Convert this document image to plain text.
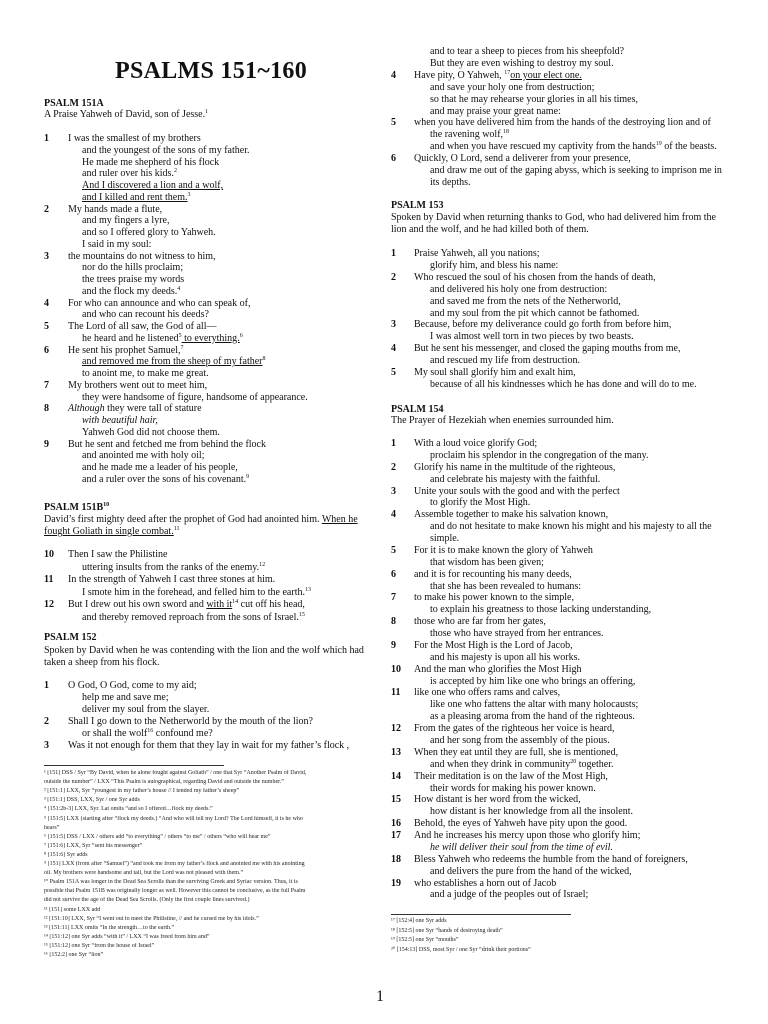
PSALMS 151~160
PSALM 151A
A Praise Yahweh of David, son of Jesse.$^1$
1 I was the smallest of my brothers
and the youngest of the sons of my father.
He made me shepherd of his flock
and ruler over his kids.$^2$
And I discovered a lion and a wolf,
and I killed and rent them.$^3$
2 My hands made a flute,
and my fingers a lyre,
and so I offered glory to Yahweh.
I said in my soul:
3 the mountains do not witness to him,
nor do the hills proclaim;
the trees praise my words
and the flock my deeds.$^4$
4 For who can announce and who can speak of,
and who can recount his deeds?
5 The Lord of all saw, the God of all—
he heard and he listened$^5$ to everything.$^6$
6 He sent his prophet Samuel,$^7$
and removed me from the sheep of my father$^8$
to anoint me, to make me great.
7 My brothers went out to meet him,
they were handsome of figure, handsome of appearance.
8 Although they were tall of stature
with beautiful hair,
Yahweh God did not choose them.
9 But he sent and fetched me from behind the flock
and anointed me with holy oil;
and he made me a leader of his people,
and a ruler over the sons of his covenant.$^9$
PSALM $151B^{10}$
David’s first mighty deed after the prophet of God had anointed him. When he
fought Goliath in single combat.$^{11}$
10 Then I saw the Philistine
uttering insults from the ranks of the enemy.$^{12}$
11 In the strength of Yahweh I cast three stones at him.
I smote him in the forehead, and felled him to the earth.$^{13}$
12 But I drew out his own sword and with $it^{14}$ cut off his head,
and thereby removed reproach from the sons of Israel.$^{15}$
PSALM 152
Spoken by David when he was contending with the lion and the wolf which had
taken a sheep from his flock.
1 O God, O God, come to my aid;
help me and save me;
deliver my soul from the slayer.
2 Shall I go down to the Netherworld by the mouth of the lion?
or shall the wolf$^{16}$ confound me?
3 Was it not enough for them that they lay in wait for my father’s flock ,
¹ [151] DSS / Syr “By David, when he alone fought against Goliath” / one that Syr “Another Psalm of David,
outside the number” / LXX “This Psalm is autographical, regarding David and outside the number.”
² [151:1] LXX, Syr “youngest in my father’s house // I tended my father’s sheep”
³ [151:1] DSS, LXX, Syr / one Syr adds
⁴ [151:2b-3] LXX, Syr. Lat omits “and so I offered…flock my deeds.”
⁵ [151:5] LXX (starting after “flock my deeds.) “And who will tell my Lord? The Lord himself, it is he who
hears”
⁶ [151:5] DSS / LXX / others add “to everything” / others “to me” / others “who will hear me”
⁷ [151:6] LXX, Syr “sent his messenger”
⁸ [151:6] Syr adds
⁹ [151] LXX (from after “Samuel”) “and took me from my father’s flock and anointed me with his anointing
oil. My brothers were handsome and tall, but the Lord was not pleased with them.”
¹⁰ Psalm 151A was longer in the Dead Sea Scrolls than the surviving Greek and Syriac version. Thus, it is
possible that Psalm 151B was originally longer as well. However this cannot be conclusive, as the full Psalm
did not survive the age of the Dead Sea Scrolls. (Only the first couple lines survived.)
¹¹ [151] some LXX add
¹² [151:10] LXX, Syr “I went out to meet the Philistine, // and he cursed me by his idols.”
¹³ [151:11] LXX omits “In the strength…to the earth.”
¹⁴ [151:12] one Syr adds “with it” / LXX “I was freed from him and”
¹⁵ [151:12] one Syr “from the house of Israel”
¹⁶ [152:2] one Syr “lion”
and to tear a sheep to pieces from his sheepfold?
But they are even wishing to destroy my soul.
4 Have pity, O Yahweh, $^{17}$on your elect one.
and save your holy one from destruction;
so that he may rehearse your glories in all his times,
and may praise your great name:
5 when you have delivered him from the hands of the destroying lion and of
the ravening wolf,$^{18}$
and when you have rescued my captivity from the hands$^{19}$ of the beasts.
6 Quickly, O Lord, send a deliverer from your presence,
and draw me out of the gaping abyss, which is seeking to imprison me in
its depths.
PSALM 153
Spoken by David when returning thanks to God, who had delivered him from the
lion and the wolf, and he had killed both of them.
1 Praise Yahweh, all you nations;
glorify him, and bless his name:
2 Who rescued the soul of his chosen from the hands of death,
and delivered his holy one from destruction:
and saved me from the nets of the Netherworld,
and my soul from the pit which cannot be fathomed.
3 Because, before my deliverance could go forth from before him,
I was almost well torn in two pieces by two beasts.
4 But he sent his messenger, and closed the gaping mouths from me,
and rescued my life from destruction.
5 My soul shall glorify him and exalt him,
because of all his kindnesses which he has done and will do to me.
PSALM 154
The Prayer of Hezekiah when enemies surrounded him.
1 With a loud voice glorify God;
proclaim his splendor in the congregation of the many.
2 Glorify his name in the multitude of the righteous,
and celebrate his majesty with the faithful.
3 Unite your souls with the good and with the perfect
to glorify the Most High.
4 Assemble together to make his salvation known,
and do not hesitate to make known his might and his majesty to all the
simple.
5 For it is to make known the glory of Yahweh
that wisdom has been given;
6 and it is for recounting his many deeds,
that she has been revealed to humans:
7 to make his power known to the simple,
to explain his greatness to those lacking understanding,
8 those who are far from her gates,
those who have strayed from her entrances.
9 For the Most High is the Lord of Jacob,
and his majesty is upon all his works.
10 And the man who glorifies the Most High
is accepted by him like one who brings an offering,
11 like one who offers rams and calves,
like one who fattens the altar with many holocausts;
as a pleasing aroma from the hand of the righteous.
12 From the gates of the righteous her voice is heard,
and her song from the assembly of the pious.
13 When they eat until they are full, she is mentioned,
and when they drink in community$^{20}$ together.
14 Their meditation is on the law of the Most High,
their words for making his power known.
15 How distant is her word from the wicked,
how distant is her knowledge from all the insolent.
16 Behold, the eyes of Yahweh have pity upon the good.
17 And he increases his mercy upon those who glorify him;
he will deliver their soul from the time of evil.
18 Bless Yahweh who redeems the humble from the hand of foreigners,
and delivers the pure from the hand of the wicked,
19 who establishes a horn out of Jacob
and a judge of the peoples out of Israel;
¹⁷ [152:4] one Syr adds
¹⁸ [152:5] one Syr “hands of destroying death”
¹⁹ [152:5] one Syr “mouths”
²⁰ [154:13] DSS, most Syr / one Syr “drink their portions”
1
